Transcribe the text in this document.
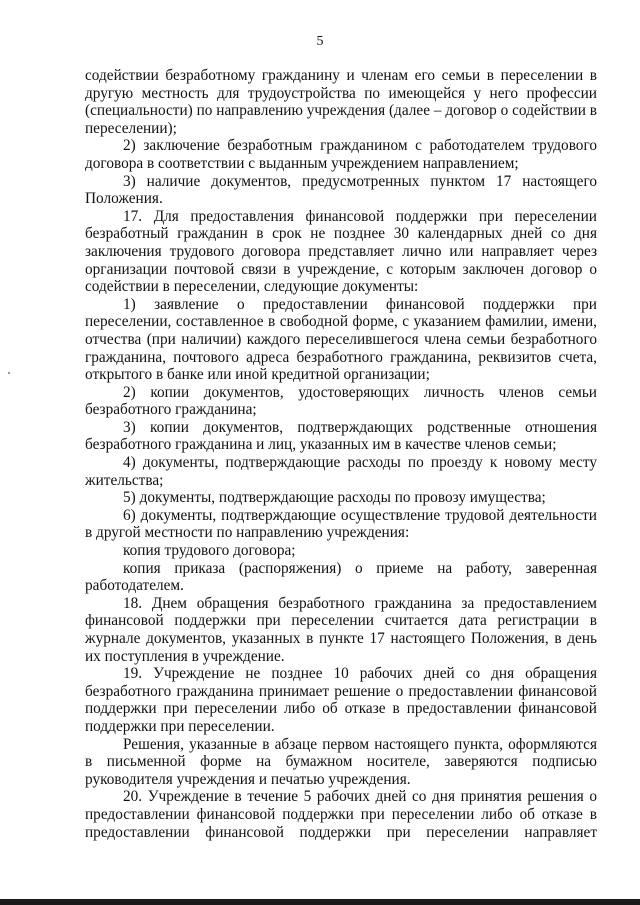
5

содействии безработному гражданину и членам его семьи в переселении в другую местность для трудоустройства по имеющейся у него профессии (специальности) по направлению учреждения (далее – договор о содействии в переселении);

2) заключение безработным гражданином с работодателем трудового договора в соответствии с выданным учреждением направлением;

3) наличие документов, предусмотренных пунктом 17 настоящего Положения.

17. Для предоставления финансовой поддержки при переселении безработный гражданин в срок не позднее 30 календарных дней со дня заключения трудового договора представляет лично или направляет через организации почтовой связи в учреждение, с которым заключен договор о содействии в переселении, следующие документы:

1) заявление о предоставлении финансовой поддержки при переселении, составленное в свободной форме, с указанием фамилии, имени, отчества (при наличии) каждого переселившегося члена семьи безработного гражданина, почтового адреса безработного гражданина, реквизитов счета, открытого в банке или иной кредитной организации;

2) копии документов, удостоверяющих личность членов семьи безработного гражданина;

3) копии документов, подтверждающих родственные отношения безработного гражданина и лиц, указанных им в качестве членов семьи;

4) документы, подтверждающие расходы по проезду к новому месту жительства;

5) документы, подтверждающие расходы по провозу имущества;

6) документы, подтверждающие осуществление трудовой деятельности в другой местности по направлению учреждения:

копия трудового договора;

копия приказа (распоряжения) о приеме на работу, заверенная работодателем.

18. Днем обращения безработного гражданина за предоставлением финансовой поддержки при переселении считается дата регистрации в журнале документов, указанных в пункте 17 настоящего Положения, в день их поступления в учреждение.

19. Учреждение не позднее 10 рабочих дней со дня обращения безработного гражданина принимает решение о предоставлении финансовой поддержки при переселении либо об отказе в предоставлении финансовой поддержки при переселении.

Решения, указанные в абзаце первом настоящего пункта, оформляются в письменной форме на бумажном носителе, заверяются подписью руководителя учреждения и печатью учреждения.

20. Учреждение в течение 5 рабочих дней со дня принятия решения о предоставлении финансовой поддержки при переселении либо об отказе в предоставлении финансовой поддержки при переселении направляет
